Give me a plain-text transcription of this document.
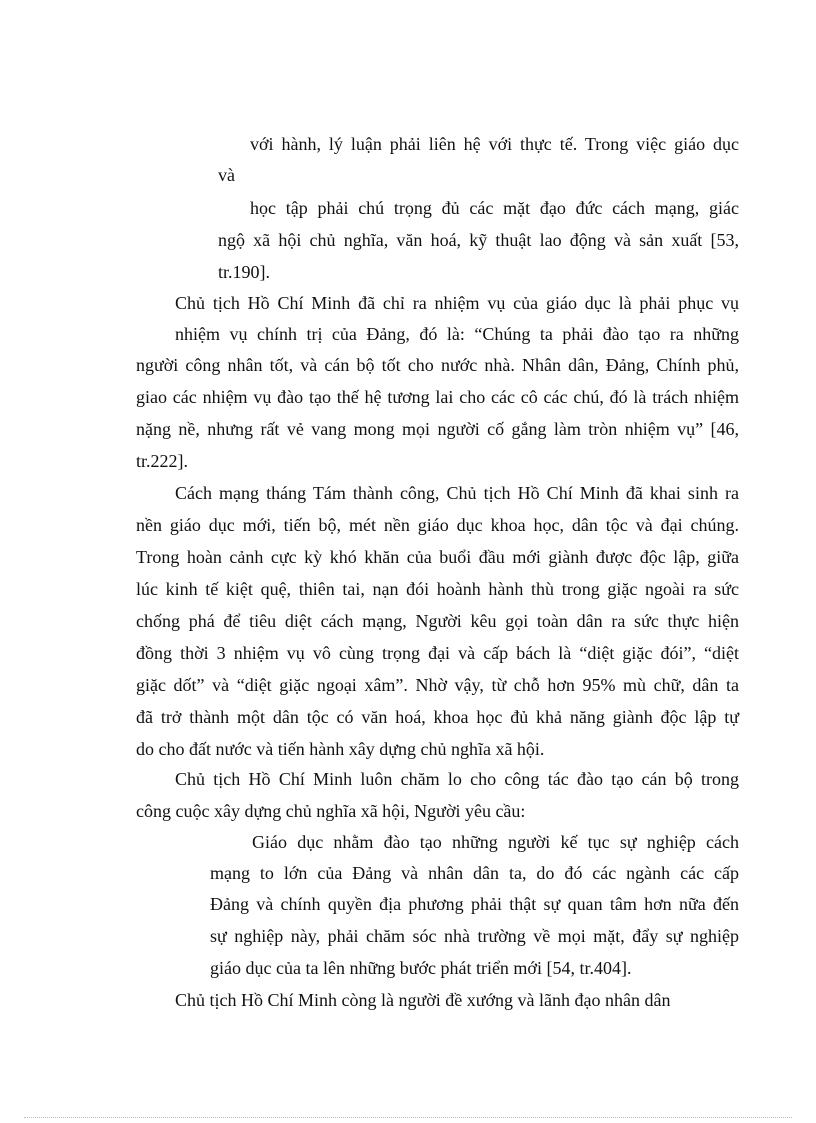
với hành, lý luận phải liên hệ với thực tế. Trong việc giáo dục

và

học tập phải chú trọng đủ các mặt đạo đức cách mạng, giác

ngộ xã hội chủ nghĩa, văn hoá, kỹ thuật lao động và sản xuất [53,

tr.190].

Chủ tịch Hồ Chí Minh đã chỉ ra nhiệm vụ của giáo dục là phải phục vụ

nhiệm vụ chính trị của Đảng, đó là: “Chúng ta phải đào tạo ra những

người công nhân tốt, và cán bộ tốt cho nước nhà. Nhân dân, Đảng, Chính phủ,

giao các nhiệm vụ đào tạo thế hệ tương lai cho các cô các chú, đó là trách nhiệm

nặng nề, nhưng rất vẻ vang mong mọi người cố gắng làm tròn nhiệm vụ” [46,

tr.222].

Cách mạng tháng Tám thành công, Chủ tịch Hồ Chí Minh đã khai sinh ra

nền giáo dục mới, tiến bộ, mét nền giáo dục khoa học, dân tộc và đại chúng.

Trong hoàn cảnh cực kỳ khó khăn của buổi đầu mới giành được độc lập, giữa

lúc kinh tế kiệt quệ, thiên tai, nạn đói hoành hành thù trong giặc ngoài ra sức

chống phá để tiêu diệt cách mạng, Người kêu gọi toàn dân ra sức thực hiện

đồng thời 3 nhiệm vụ vô cùng trọng đại và cấp bách là “diệt giặc đói”, “diệt

giặc dốt” và “diệt giặc ngoại xâm”. Nhờ vậy, từ chỗ hơn 95% mù chữ, dân ta

đã trở thành một dân tộc có văn hoá, khoa học đủ khả năng giành độc lập tự

do cho đất nước và tiến hành xây dựng chủ nghĩa xã hội.

Chủ tịch Hồ Chí Minh luôn chăm lo cho công tác đào tạo cán bộ trong

công cuộc xây dựng chủ nghĩa xã hội, Người yêu cầu:

Giáo dục nhằm đào tạo những người kế tục sự nghiệp cách

mạng to lớn của Đảng và nhân dân ta, do đó các ngành các cấp

Đảng và chính quyền địa phương phải thật sự quan tâm hơn nữa đến

sự nghiệp này, phải chăm sóc nhà trường về mọi mặt, đẩy sự nghiệp

giáo dục của ta lên những bước phát triển mới [54, tr.404].

Chủ tịch Hồ Chí Minh còng là người đề xướng và lãnh đạo nhân dân
